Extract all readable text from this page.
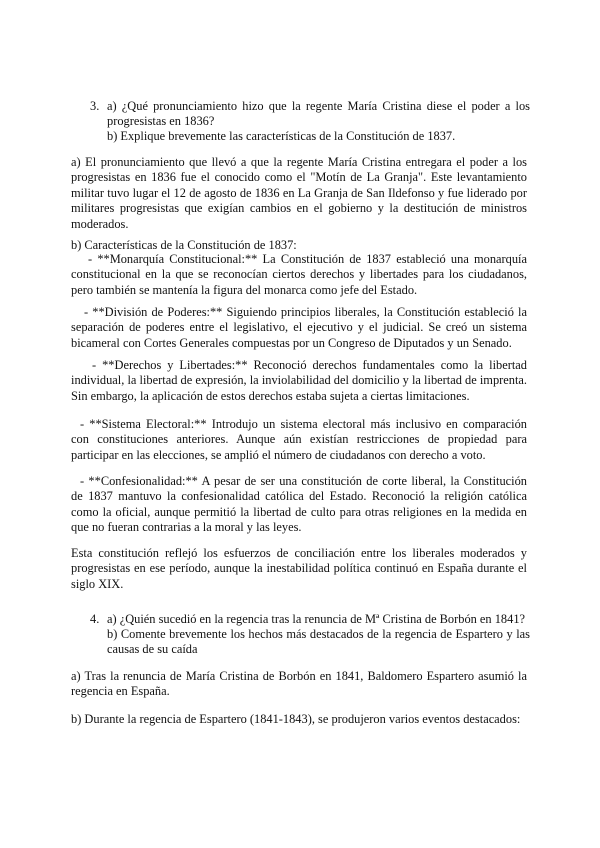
3. a) ¿Qué pronunciamiento hizo que la regente María Cristina diese el poder a los progresistas en 1836?
b) Explique brevemente las características de la Constitución de 1837.
a) El pronunciamiento que llevó a que la regente María Cristina entregara el poder a los progresistas en 1836 fue el conocido como el "Motín de La Granja". Este levantamiento militar tuvo lugar el 12 de agosto de 1836 en La Granja de San Ildefonso y fue liderado por militares progresistas que exigían cambios en el gobierno y la destitución de ministros moderados.
b) Características de la Constitución de 1837:
- **Monarquía Constitucional:** La Constitución de 1837 estableció una monarquía constitucional en la que se reconocían ciertos derechos y libertades para los ciudadanos, pero también se mantenía la figura del monarca como jefe del Estado.
- **División de Poderes:** Siguiendo principios liberales, la Constitución estableció la separación de poderes entre el legislativo, el ejecutivo y el judicial. Se creó un sistema bicameral con Cortes Generales compuestas por un Congreso de Diputados y un Senado.
- **Derechos y Libertades:** Reconoció derechos fundamentales como la libertad individual, la libertad de expresión, la inviolabilidad del domicilio y la libertad de imprenta. Sin embargo, la aplicación de estos derechos estaba sujeta a ciertas limitaciones.
- **Sistema Electoral:** Introdujo un sistema electoral más inclusivo en comparación con constituciones anteriores. Aunque aún existían restricciones de propiedad para participar en las elecciones, se amplió el número de ciudadanos con derecho a voto.
- **Confesionalidad:** A pesar de ser una constitución de corte liberal, la Constitución de 1837 mantuvo la confesionalidad católica del Estado. Reconoció la religión católica como la oficial, aunque permitió la libertad de culto para otras religiones en la medida en que no fueran contrarias a la moral y las leyes.
Esta constitución reflejó los esfuerzos de conciliación entre los liberales moderados y progresistas en ese período, aunque la inestabilidad política continuó en España durante el siglo XIX.
4. a) ¿Quién sucedió en la regencia tras la renuncia de Mª Cristina de Borbón en 1841?
b) Comente brevemente los hechos más destacados de la regencia de Espartero y las causas de su caída
a) Tras la renuncia de María Cristina de Borbón en 1841, Baldomero Espartero asumió la regencia en España.
b) Durante la regencia de Espartero (1841-1843), se produjeron varios eventos destacados:
